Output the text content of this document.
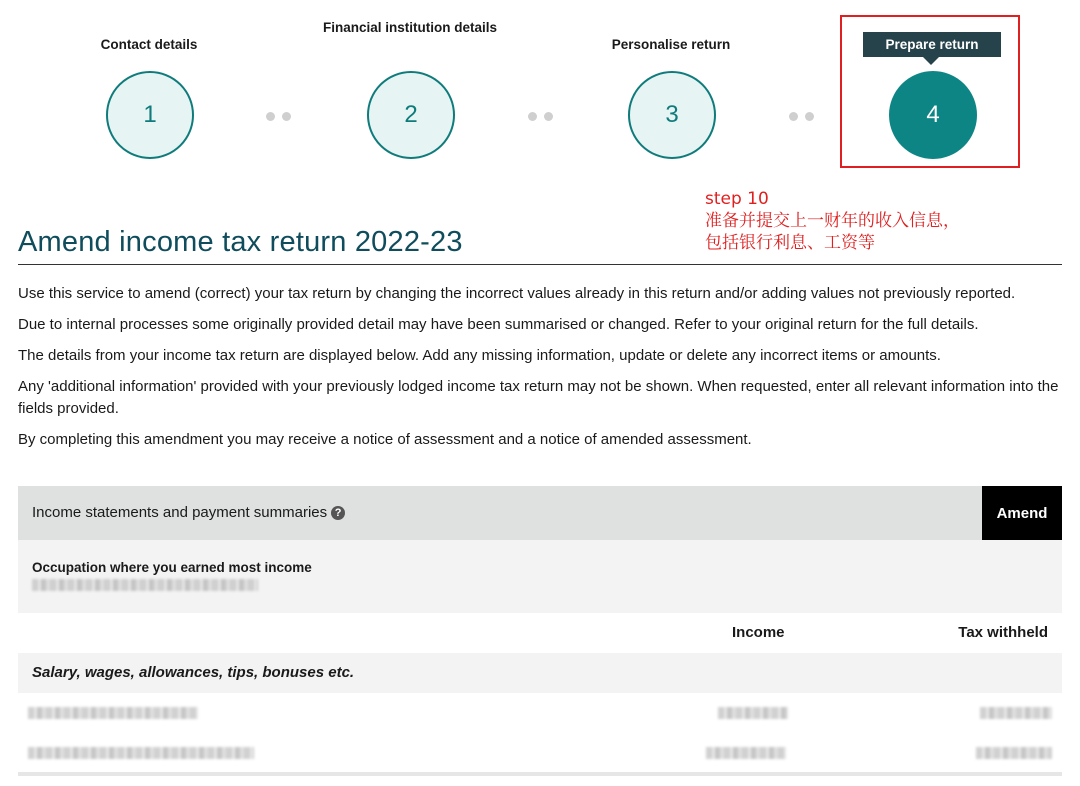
Contact details
1
Financial institution details
2
Personalise return
3	4
Prepare return
step 10
准备并提交上一财年的收入信息，
包括银行利息、工资等
Amend income tax return 2022-23

Use this service to amend (correct) your tax return by changing the incorrect values already in this return and/or adding values not previously reported.

Due to internal processes some originally provided detail may have been summarised or changed. Refer to your original return for the full details.

The details from your income tax return are displayed below. Add any missing information, update or delete any incorrect items or amounts.

Any 'additional information' provided with your previously lodged income tax return may not be shown. When requested, enter all relevant information into the fields provided.

By completing this amendment you may receive a notice of assessment and a notice of amended assessment.

Income statements and payment summaries ?	Amend
Occupation where you earned most income
Income	Tax withheld
Salary, wages, allowances, tips, bonuses etc.
